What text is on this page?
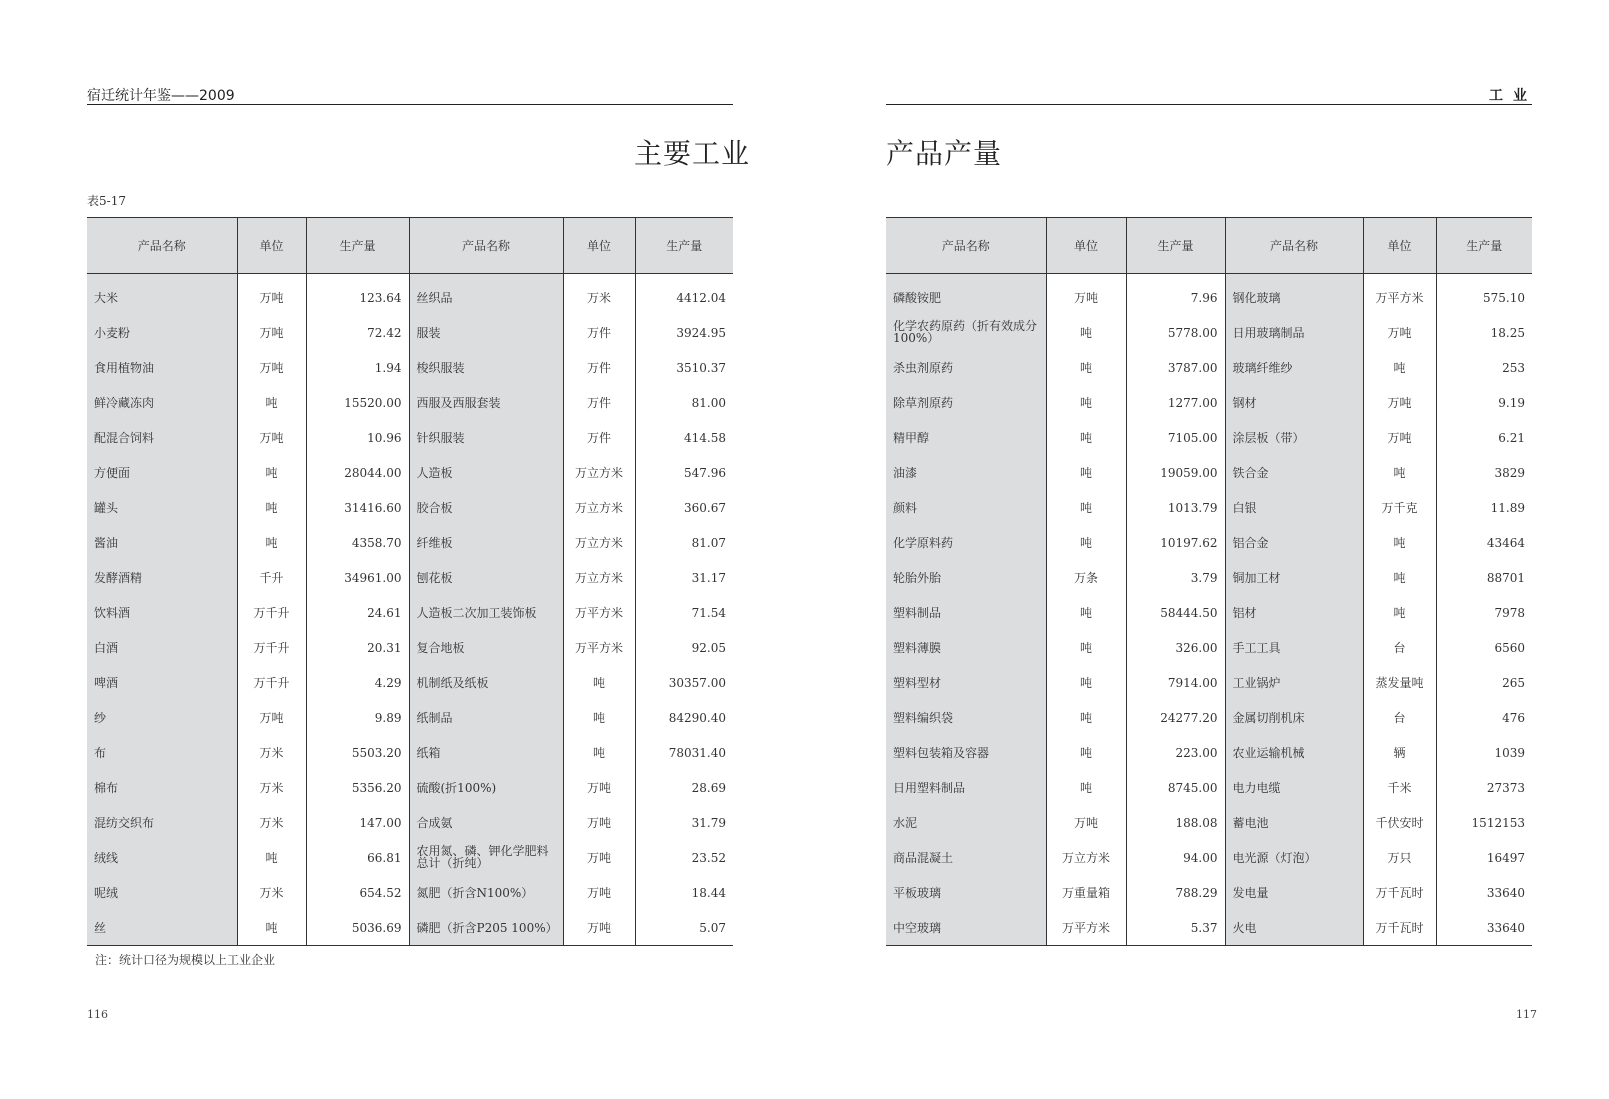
宿迁统计年鉴——2009	工业
主要工业	产品产量
表5-17
产品名称	单位	生产量	产品名称	单位	生产量
大米	万吨	123.64	丝织品	万米	4412.04
小麦粉	万吨	72.42	服装	万件	3924.95
食用植物油	万吨	1.94	梭织服装	万件	3510.37
鲜冷藏冻肉	吨	15520.00	西服及西服套装	万件	81.00
配混合饲料	万吨	10.96	针织服装	万件	414.58
方便面	吨	28044.00	人造板	万立方米	547.96
罐头	吨	31416.60	胶合板	万立方米	360.67
酱油	吨	4358.70	纤维板	万立方米	81.07
发酵酒精	千升	34961.00	刨花板	万立方米	31.17
饮料酒	万千升	24.61	人造板二次加工装饰板	万平方米	71.54
白酒	万千升	20.31	复合地板	万平方米	92.05
啤酒	万千升	4.29	机制纸及纸板	吨	30357.00
纱	万吨	9.89	纸制品	吨	84290.40
布	万米	5503.20	纸箱	吨	78031.40
棉布	万米	5356.20	硫酸(折100%)	万吨	28.69
混纺交织布	万米	147.00	合成氨	万吨	31.79
绒线	吨	66.81	农用氮、磷、钾化学肥料总计（折纯）	万吨	23.52
呢绒	万米	654.52	氮肥（折含N100%）	万吨	18.44
丝	吨	5036.69	磷肥（折含P205 100%）	万吨	5.07
产品名称	单位	生产量	产品名称	单位	生产量
磷酸铵肥	万吨	7.96	钢化玻璃	万平方米	575.10
化学农药原药（折有效成分100%）	吨	5778.00	日用玻璃制品	万吨	18.25
杀虫剂原药	吨	3787.00	玻璃纤维纱	吨	253
除草剂原药	吨	1277.00	钢材	万吨	9.19
精甲醇	吨	7105.00	涂层板（带）	万吨	6.21
油漆	吨	19059.00	铁合金	吨	3829
颜料	吨	1013.79	白银	万千克	11.89
化学原料药	吨	10197.62	铝合金	吨	43464
轮胎外胎	万条	3.79	铜加工材	吨	88701
塑料制品	吨	58444.50	铝材	吨	7978
塑料薄膜	吨	326.00	手工工具	台	6560
塑料型材	吨	7914.00	工业锅炉	蒸发量吨	265
塑料编织袋	吨	24277.20	金属切削机床	台	476
塑料包装箱及容器	吨	223.00	农业运输机械	辆	1039
日用塑料制品	吨	8745.00	电力电缆	千米	27373
水泥	万吨	188.08	蓄电池	千伏安时	1512153
商品混凝土	万立方米	94.00	电光源（灯泡）	万只	16497
平板玻璃	万重量箱	788.29	发电量	万千瓦时	33640
中空玻璃	万平方米	5.37	火电	万千瓦时	33640
注：统计口径为规模以上工业企业
116	117
